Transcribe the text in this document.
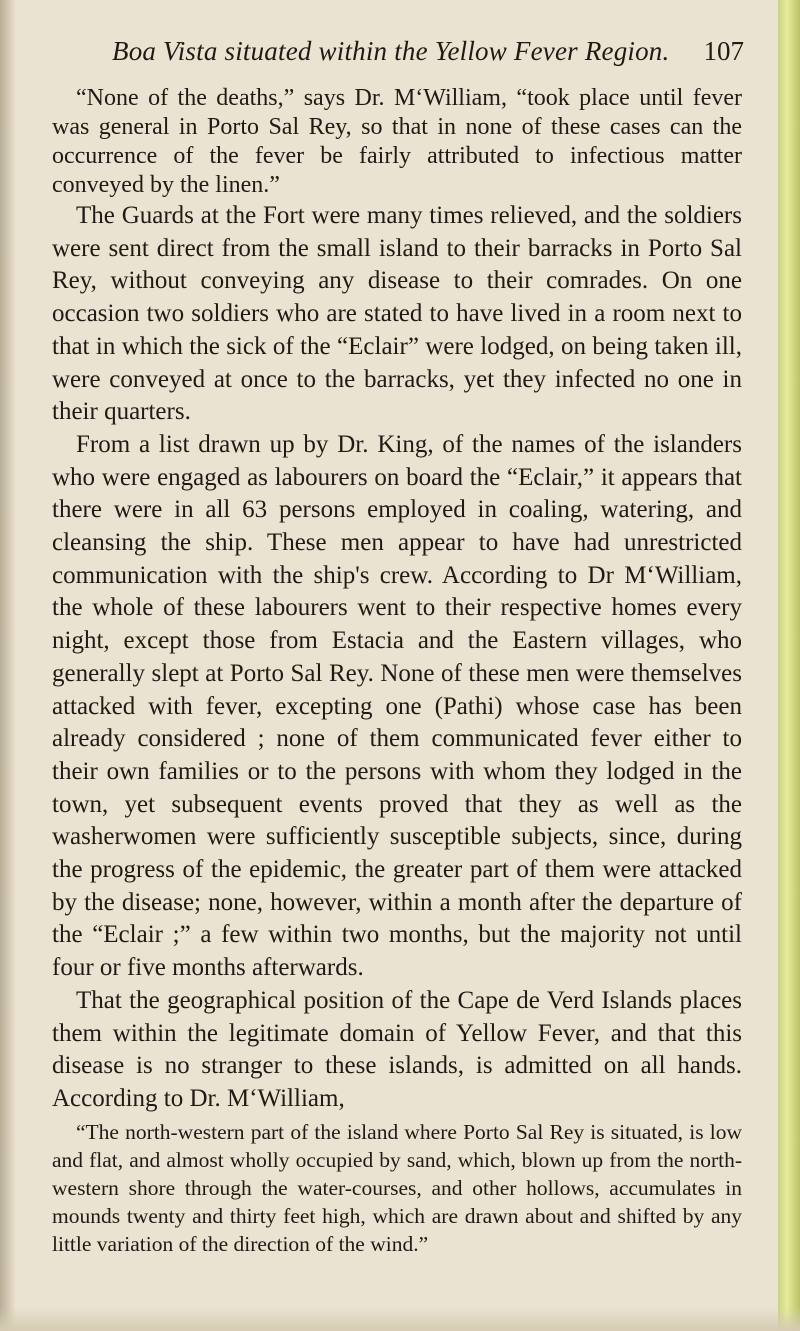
Boa Vista situated within the Yellow Fever Region. 107

“None of the deaths,” says Dr. M‘William, “took place until fever was general in Porto Sal Rey, so that in none of these cases can the occurrence of the fever be fairly attributed to infectious matter conveyed by the linen.”

The Guards at the Fort were many times relieved, and the soldiers were sent direct from the small island to their barracks in Porto Sal Rey, without conveying any disease to their comrades. On one occasion two soldiers who are stated to have lived in a room next to that in which the sick of the “Eclair” were lodged, on being taken ill, were conveyed at once to the barracks, yet they infected no one in their quarters.

From a list drawn up by Dr. King, of the names of the islanders who were engaged as labourers on board the “Eclair,” it appears that there were in all 63 persons employed in coaling, watering, and cleansing the ship. These men appear to have had unrestricted communication with the ship's crew. According to Dr M‘William, the whole of these labourers went to their respective homes every night, except those from Estacia and the Eastern villages, who generally slept at Porto Sal Rey. None of these men were themselves attacked with fever, excepting one (Pathi) whose case has been already considered ; none of them communicated fever either to their own families or to the persons with whom they lodged in the town, yet subsequent events proved that they as well as the washerwomen were sufficiently susceptible subjects, since, during the progress of the epidemic, the greater part of them were attacked by the disease; none, however, within a month after the departure of the “Eclair ;” a few within two months, but the majority not until four or five months afterwards.

That the geographical position of the Cape de Verd Islands places them within the legitimate domain of Yellow Fever, and that this disease is no stranger to these islands, is admitted on all hands. According to Dr. M‘William,

“The north-western part of the island where Porto Sal Rey is situated, is low and flat, and almost wholly occupied by sand, which, blown up from the north-western shore through the water-courses, and other hollows, accumulates in mounds twenty and thirty feet high, which are drawn about and shifted by any little variation of the direction of the wind.”
